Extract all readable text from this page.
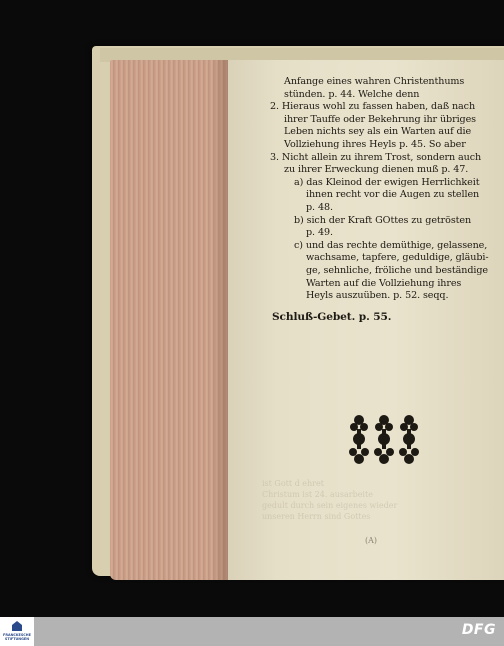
ist Gott d ehret
Christum ist 24. ausarbeite
gedult durch sein eigenes wieder
unseren Herrn sind Gottes
Anfange eines wahren Christenthums
stünden. p. 44. Welche denn
2. Hieraus wohl zu fassen haben, daß nach
ihrer Tauffe oder Bekehrung ihr übriges
Leben nichts sey als ein Warten auf die
Vollziehung ihres Heyls p. 45. So aber
3. Nicht allein zu ihrem Trost, sondern auch
zu ihrer Erweckung dienen muß p. 47.
a) das Kleinod der ewigen Herrlichkeit
ihnen recht vor die Augen zu stellen
p. 48.
b) sich der Kraft GOttes zu getrösten
p. 49.
c) und das rechte demüthige, gelassene,
wachsame, tapfere, geduldige, gläubi-
ge, sehnliche, fröliche und beständige
Warten auf die Vollziehung ihres
Heyls auszuüben. p. 52. seqq.
Schluß-Gebet. p. 55.
(A)
FRANCKESCHE
STIFTUNGEN
DFG
